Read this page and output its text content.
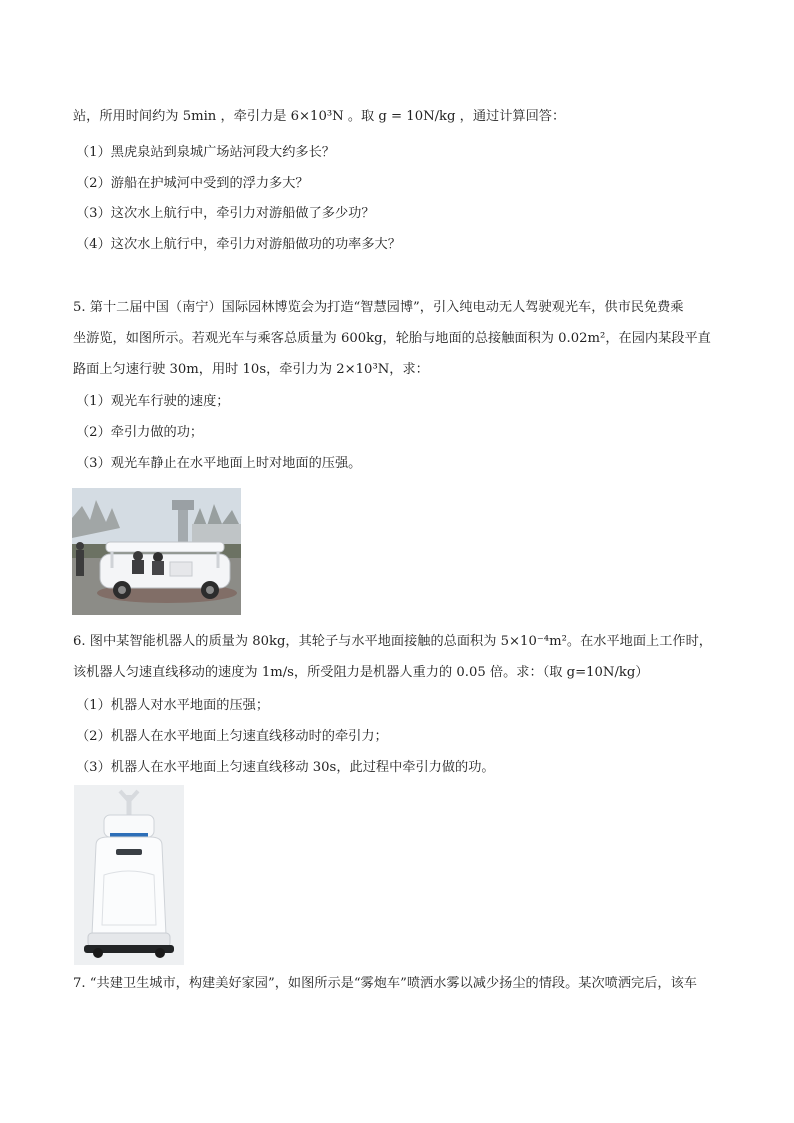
站，所用时间约为 5min ，牵引力是 6×10³N 。取 g = 10N/kg ，通过计算回答：
（1）黑虎泉站到泉城广场站河段大约多长？
（2）游船在护城河中受到的浮力多大？
（3）这次水上航行中，牵引力对游船做了多少功？
（4）这次水上航行中，牵引力对游船做功的功率多大？
5. 第十二届中国（南宁）国际园林博览会为打造“智慧园博”，引入纯电动无人驾驶观光车，供市民免费乘
坐游览，如图所示。若观光车与乘客总质量为 600kg，轮胎与地面的总接触面积为 0.02m²，在园内某段平直
路面上匀速行驶 30m，用时 10s，牵引力为 2×10³N，求：
（1）观光车行驶的速度；
（2）牵引力做的功；
（3）观光车静止在水平地面上时对地面的压强。
6. 图中某智能机器人的质量为 80kg，其轮子与水平地面接触的总面积为 5×10⁻⁴m²。在水平地面上工作时，
该机器人匀速直线移动的速度为 1m/s，所受阻力是机器人重力的 0.05 倍。求：（取 g=10N/kg）
（1）机器人对水平地面的压强；
（2）机器人在水平地面上匀速直线移动时的牵引力；
（3）机器人在水平地面上匀速直线移动 30s，此过程中牵引力做的功。
7. “共建卫生城市，构建美好家园”，如图所示是“雾炮车”喷洒水雾以减少扬尘的情段。某次喷洒完后，该车
